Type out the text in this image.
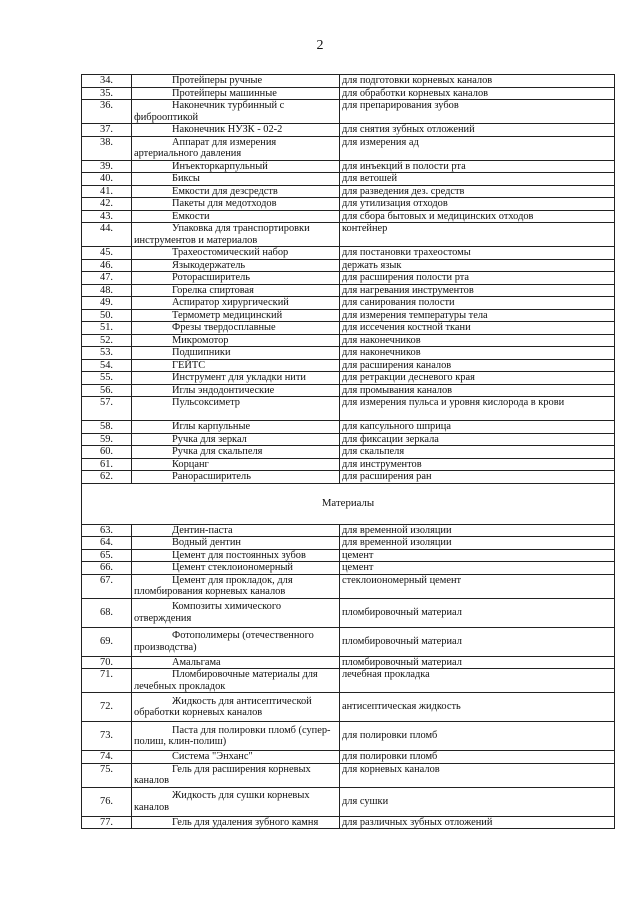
2
34.	Протейперы ручные	для подготовки корневых каналов
35.	Протейперы машинные	для обработки корневых каналов
36.	Наконечник турбинный с фиброоптикой	для препарирования зубов
37.	Наконечник НУЗК - 02-2	для снятия зубных отложений
38.	Аппарат для измерения артериального давления	для измерения ад
39.	Инъекторкарпульный	для инъекций в полости рта
40.	Биксы	для ветошей
41.	Емкости для дезсредств	для разведения дез. средств
42.	Пакеты для медотходов	для утилизация отходов
43.	Емкости	для сбора бытовых и медицинских отходов
44.	Упаковка для транспортировки инструментов и материалов	контейнер
45.	Трахеостомический набор	для постановки трахеостомы
46.	Языкодержатель	держать язык
47.	Роторасширитель	для расширения полости рта
48.	Горелка спиртовая	для нагревания инструментов
49.	Аспиратор хирургический	для санирования полости
50.	Термометр медицинский	для измерения температуры тела
51.	Фрезы твердосплавные	для иссечения костной ткани
52.	Микромотор	для наконечников
53.	Подшипники	для наконечников
54.	ГЕЙТС	для расширения каналов
55.	Инструмент для укладки нити	для ретракции десневого края
56.	Иглы эндодонтические	для промывания каналов
57.	Пульсоксиметр	для измерения пульса и уровня кислорода в крови
58.	Иглы карпульные	для капсульного шприца
59.	Ручка для зеркал	для фиксации зеркала
60.	Ручка для скальпеля	для скальпеля
61.	Корцанг	для инструментов
62.	Ранорасширитель	для расширения ран
Материалы		
63.	Дентин-паста	для временной изоляции
64.	Водный дентин	для временной изоляции
65.	Цемент для постоянных зубов	цемент
66.	Цемент стеклоиономерный	цемент
67.	Цемент для прокладок, для пломбирования корневых каналов	стеклоиономерный цемент
68.	Композиты химического отверждения	пломбировочный материал
69.	Фотополимеры (отечественного производства)	пломбировочный материал
70.	Амальгама	пломбировочный материал
71.	Пломбировочные материалы для лечебных прокладок	лечебная прокладка
72.	Жидкость для антисептической обработки корневых каналов	антисептическая жидкость
73.	Паста для полировки пломб (супер-полиш, клин-полиш)	для полировки пломб
74.	Система "Энханс"	для полировки пломб
75.	Гель для расширения корневых каналов	для корневых каналов
76.	Жидкость для сушки корневых каналов	для сушки
77.	Гель для удаления зубного камня	для различных зубных отложений
